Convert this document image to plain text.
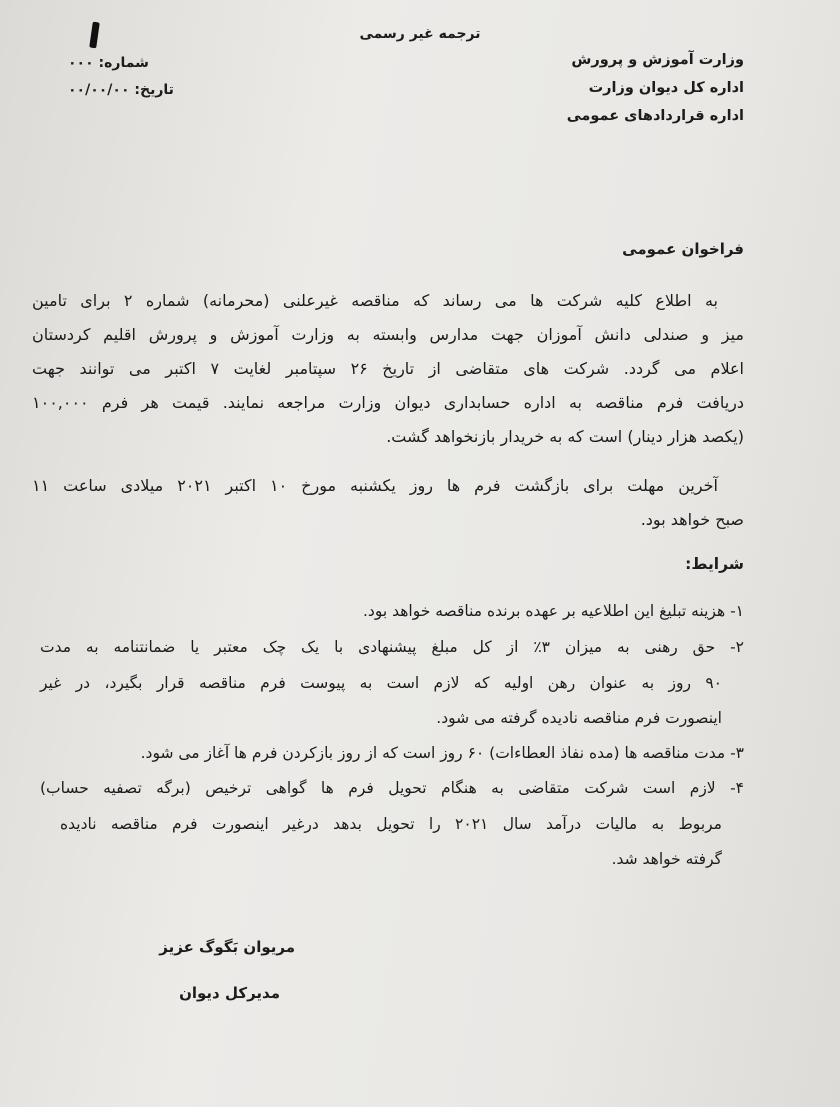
ترجمه غیر رسمی
وزارت آموزش و پرورش
اداره کل دیوان وزارت
اداره قراردادهای عمومی
شماره: ۰۰۰
تاریخ: ۰۰/۰۰/۰۰
فراخوان عمومی
به اطلاع کلیه شرکت ها می رساند که مناقصه غیرعلنی (محرمانه) شماره ۲ برای تامین
میز و صندلی دانش آموزان جهت مدارس وابسته به وزارت آموزش و پرورش اقلیم کردستان
اعلام می گردد. شرکت های متقاضی از تاریخ ۲۶ سپتامبر لغایت ۷ اکتبر می توانند جهت
دریافت فرم مناقصه به اداره حسابداری دیوان وزارت مراجعه نمایند. قیمت هر فرم ۱۰۰,۰۰۰
(یکصد هزار دینار) است که به خریدار بازنخواهد گشت.
آخرین مهلت برای بازگشت فرم ها روز یکشنبه مورخ ۱۰ اکتبر ۲۰۲۱ میلادی ساعت ۱۱
صبح خواهد بود.
شرایط:
۱- هزینه تبلیغ این اطلاعیه بر عهده برنده مناقصه خواهد بود.
۲- حق رهنی به میزان ۳٪ از کل مبلغ پیشنهادی با یک چک معتبر یا ضمانتنامه به مدت
۹۰ روز به عنوان رهن اولیه که لازم است به پیوست فرم مناقصه قرار بگیرد، در غیر
اینصورت فرم مناقصه نادیده گرفته می شود.
۳- مدت مناقصه ها (مده نفاذ العطاءات) ۶۰ روز است که از روز بازکردن فرم ها آغاز می شود.
۴- لازم است شرکت متقاضی به هنگام تحویل فرم ها گواهی ترخیص (برگه تصفیه حساب)
مربوط به مالیات درآمد سال ۲۰۲۱ را تحویل بدهد درغیر اینصورت فرم مناقصه نادیده
گرفته خواهد شد.
مریوان بَگوگ عزیز
مدیرکل دیوان
